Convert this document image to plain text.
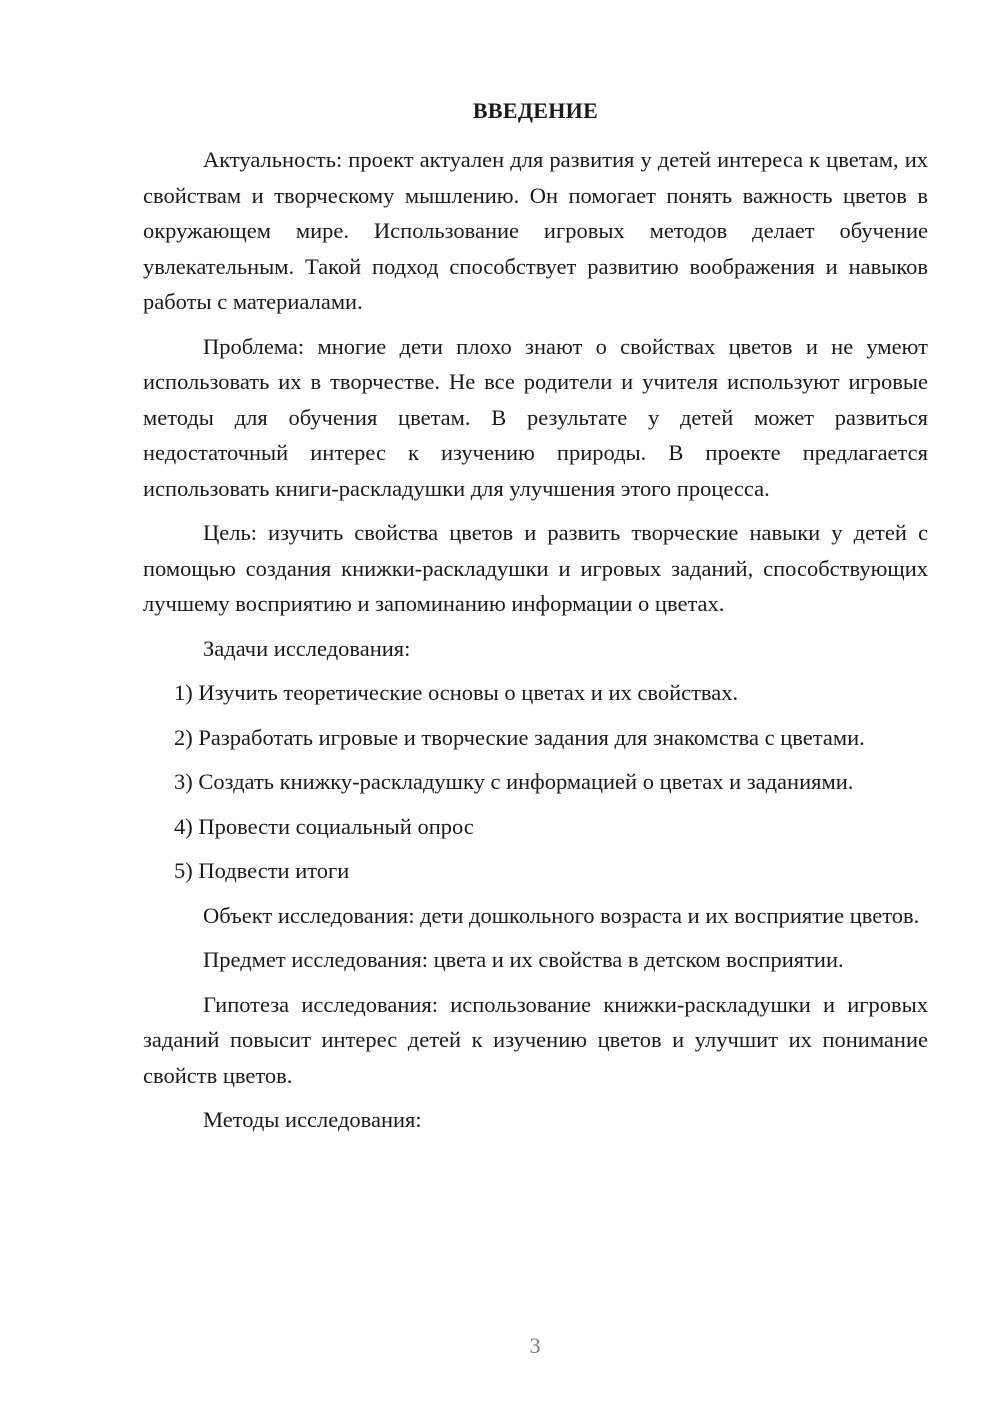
ВВЕДЕНИЕ

Актуальность: проект актуален для развития у детей интереса к цветам, их свойствам и творческому мышлению. Он помогает понять важность цветов в окружающем мире. Использование игровых методов делает обучение увлекательным. Такой подход способствует развитию воображения и навыков работы с материалами.

Проблема: многие дети плохо знают о свойствах цветов и не умеют использовать их в творчестве. Не все родители и учителя используют игровые методы для обучения цветам. В результате у детей может развиться недостаточный интерес к изучению природы. В проекте предлагается использовать книги-раскладушки для улучшения этого процесса.

Цель: изучить свойства цветов и развить творческие навыки у детей с помощью создания книжки-раскладушки и игровых заданий, способствующих лучшему восприятию и запоминанию информации о цветах.

Задачи исследования:

1) Изучить теоретические основы о цветах и их свойствах.

2) Разработать игровые и творческие задания для знакомства с цветами.

3) Создать книжку-раскладушку с информацией о цветах и заданиями.

4) Провести социальный опрос

5) Подвести итоги

Объект исследования: дети дошкольного возраста и их восприятие цветов.

Предмет исследования: цвета и их свойства в детском восприятии.

Гипотеза исследования: использование книжки-раскладушки и игровых заданий повысит интерес детей к изучению цветов и улучшит их понимание свойств цветов.

Методы исследования:

3
